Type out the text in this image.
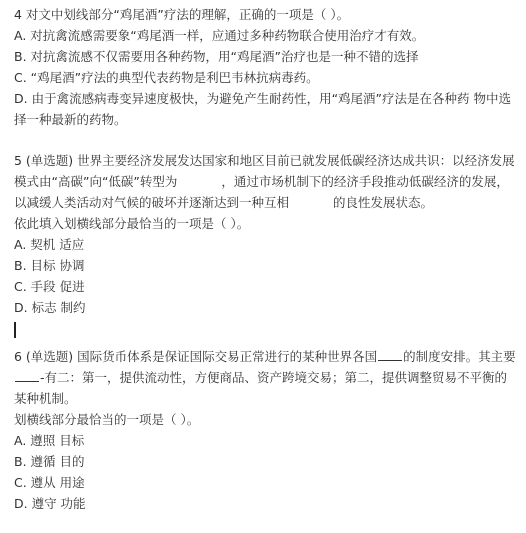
4 对文中划线部分“鸡尾酒”疗法的理解，正确的一项是（ ）。
A. 对抗禽流感需要象“鸡尾酒一样，应通过多种药物联合使用治疗才有效。
B. 对抗禽流感不仅需要用各种药物，用“鸡尾酒”治疗也是一种不错的选择
C. “鸡尾酒”疗法的典型代表药物是利巴韦林抗病毒药。
D. 由于禽流感病毒变异速度极快，为避免产生耐药性，用“鸡尾酒”疗法是在各种药 物中选择一种最新的药物。
5 (单选题) 世界主要经济发展发达国家和地区目前已就发展低碳经济达成共识：以经济发展模式由“高碳”向“低碳”转型为	，通过市场机制下的经济手段推动低碳经济的发展，以减缓人类活动对气候的破坏并逐渐达到一种互相	的良性发展状态。
依此填入划横线部分最恰当的一项是（ ）。
A. 契机 适应
B. 目标 协调
C. 手段 促进
D. 标志 制约
6 (单选题) 国际货币体系是保证国际交易正常进行的某种世界各国 的制度安排。其主要-有二：第一，提供流动性，方便商品、资产跨境交易；第二，提供调整贸易不平衡的某种机制。
划横线部分最恰当的一项是（ ）。
A. 遵照 目标
B. 遵循 目的
C. 遵从 用途
D. 遵守 功能
